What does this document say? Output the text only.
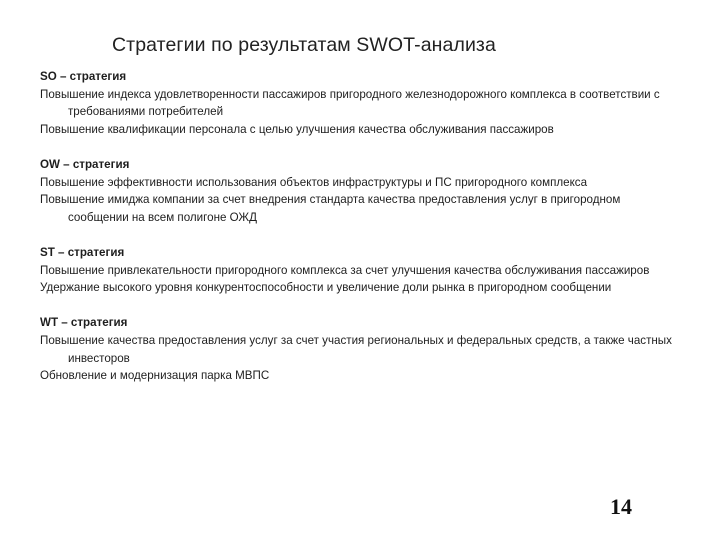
Стратегии по результатам SWOT-анализа
SO – стратегия
Повышение индекса удовлетворенности пассажиров пригородного железнодорожного комплекса в соответствии с требованиями потребителей
Повышение квалификации персонала с целью улучшения качества обслуживания пассажиров
OW – стратегия
Повышение эффективности использования объектов инфраструктуры и ПС пригородного комплекса
Повышение имиджа компании за счет внедрения стандарта качества предоставления услуг в пригородном сообщении на всем полигоне ОЖД
ST – стратегия
Повышение привлекательности пригородного комплекса за счет улучшения качества обслуживания пассажиров
Удержание высокого уровня конкурентоспособности и увеличение доли рынка в пригородном сообщении
WT – стратегия
Повышение качества предоставления услуг за счет участия региональных и федеральных средств, а также частных инвесторов
Обновление и модернизация парка МВПС
14
